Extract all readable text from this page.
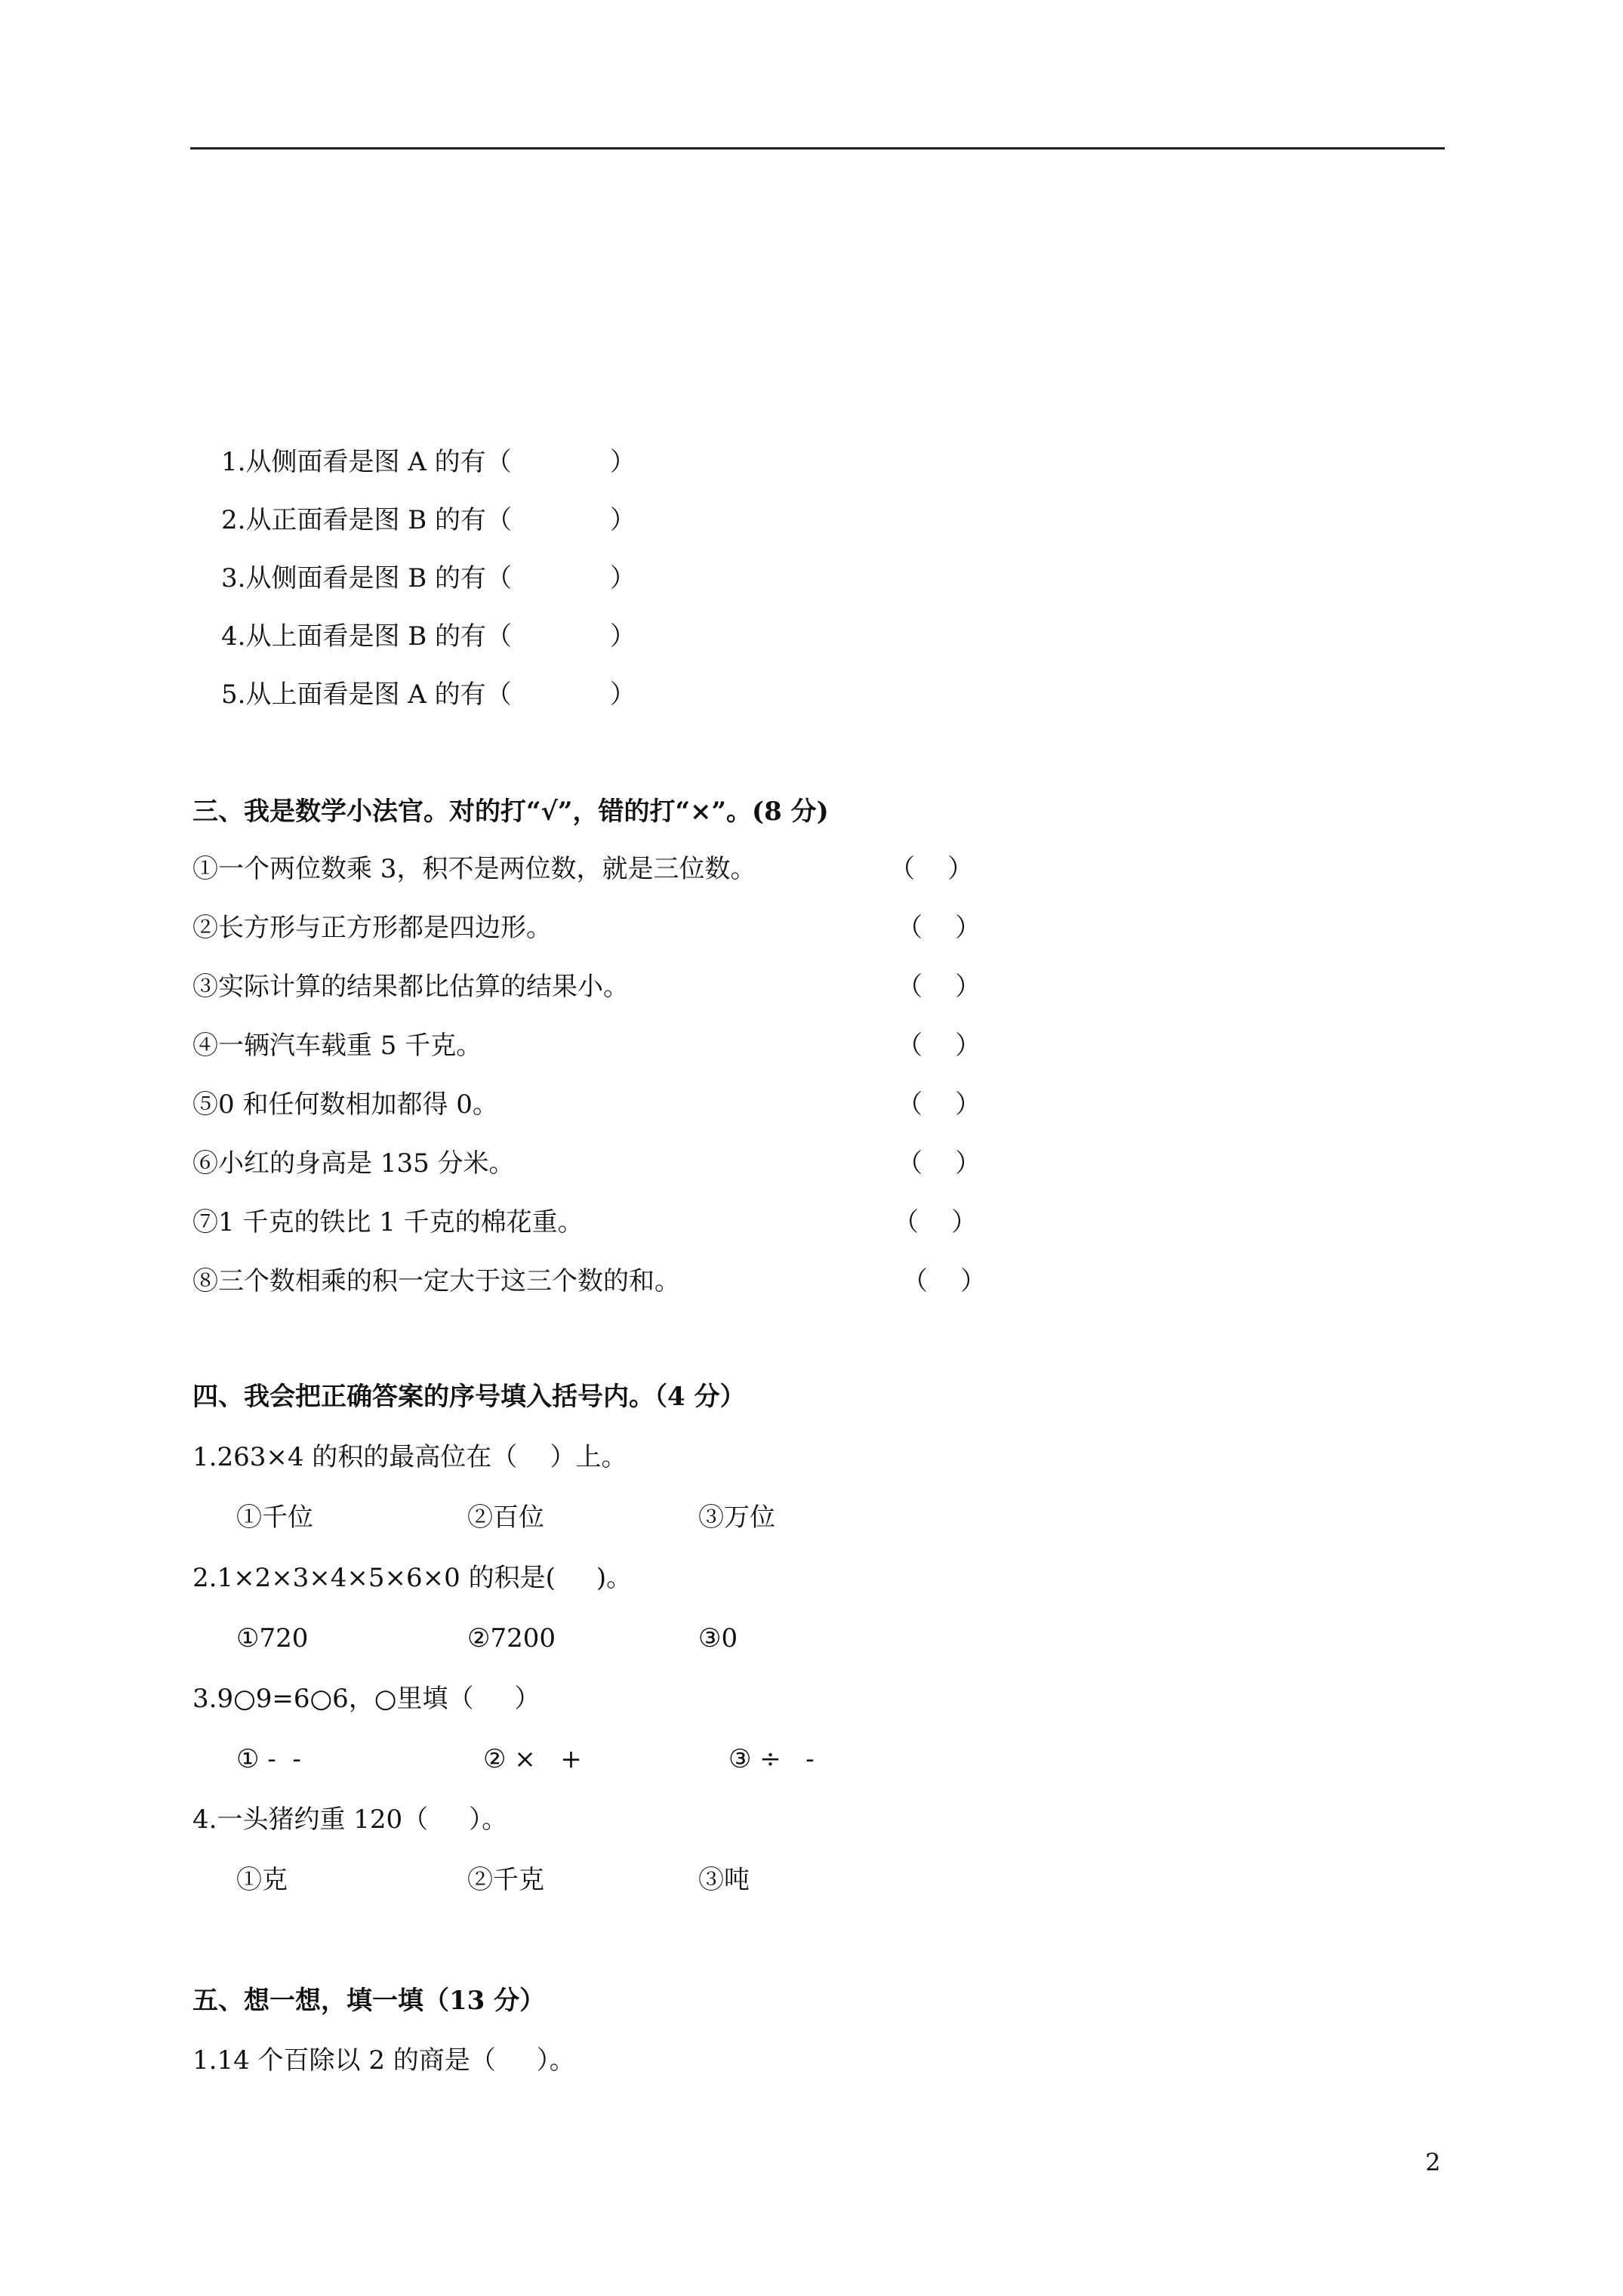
1.从侧面看是图 A 的有（	）
2.从正面看是图 B 的有（	）
3.从侧面看是图 B 的有（	）
4.从上面看是图 B 的有（	）
5.从上面看是图 A 的有（	）
三、我是数学小法官。对的打“√”，错的打“×”。(8 分)
①一个两位数乘 3，积不是两位数，就是三位数。	（    ）
②长方形与正方形都是四边形。	（    ）
③实际计算的结果都比估算的结果小。	（    ）
④一辆汽车载重 5 千克。	（    ）
⑤0 和任何数相加都得 0。	（    ）
⑥小红的身高是 135 分米。	（    ）
⑦1 千克的铁比 1 千克的棉花重。	（    ）
⑧三个数相乘的积一定大于这三个数的和。	（    ）
四、我会把正确答案的序号填入括号内。（4 分）
1.263×4 的积的最高位在（    ）上。
①千位	②百位	③万位
2.1×2×3×4×5×6×0 的积是(     )。
①720	②7200	③0
3.9○9=6○6，○里填（     ）
① -  -	② ×   +	③ ÷   -
4.一头猪约重 120（     ）。
①克	②千克	③吨
五、想一想，填一填（13 分）
1.14 个百除以 2 的商是（     ）。
2
